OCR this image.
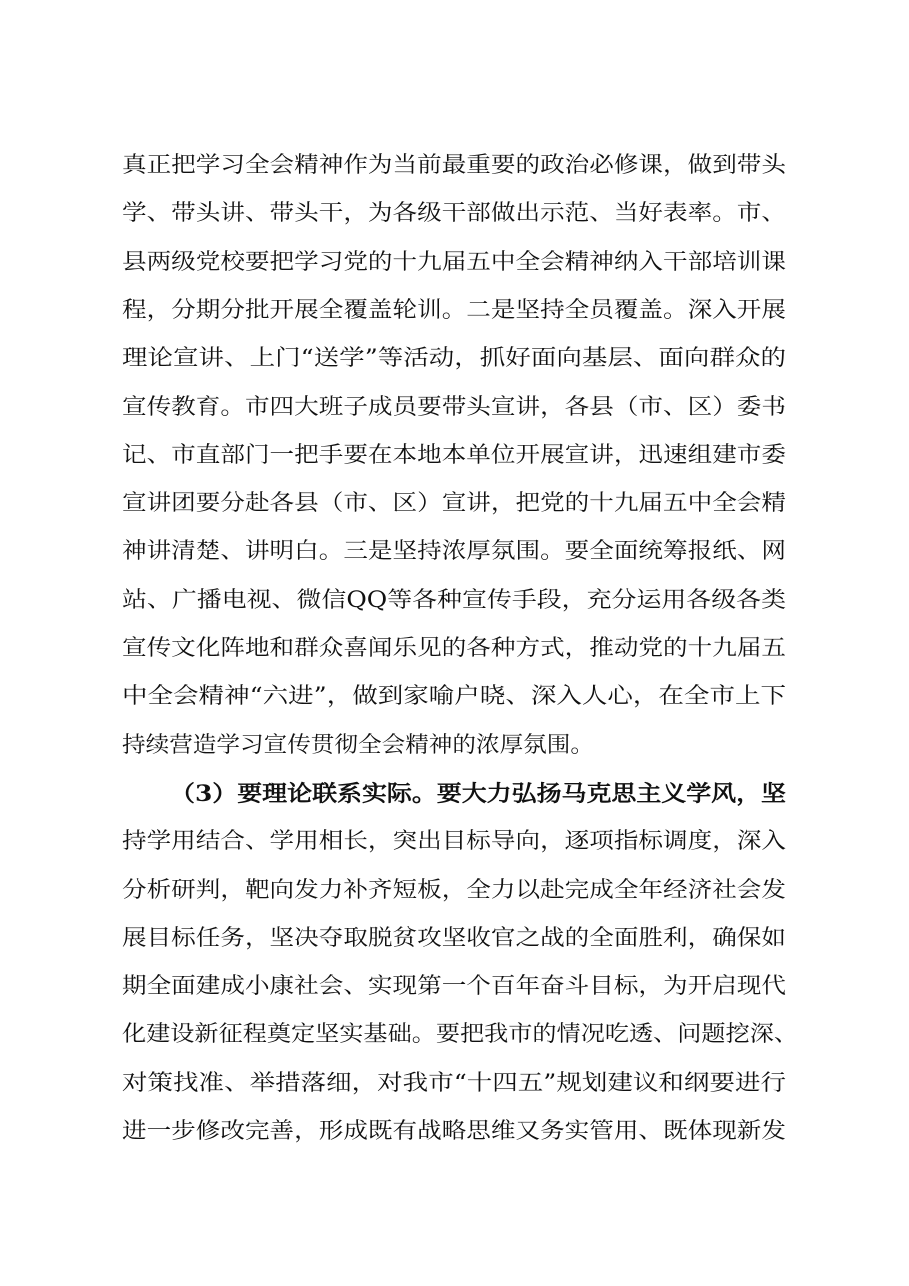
真正把学习全会精神作为当前最重要的政治必修课，做到带头
学、带头讲、带头干，为各级干部做出示范、当好表率。市、
县两级党校要把学习党的十九届五中全会精神纳入干部培训课
程，分期分批开展全覆盖轮训。二是坚持全员覆盖。深入开展
理论宣讲、上门“送学”等活动，抓好面向基层、面向群众的
宣传教育。市四大班子成员要带头宣讲，各县（市、区）委书
记、市直部门一把手要在本地本单位开展宣讲，迅速组建市委
宣讲团要分赴各县（市、区）宣讲，把党的十九届五中全会精
神讲清楚、讲明白。三是坚持浓厚氛围。要全面统筹报纸、网
站、广播电视、微信QQ等各种宣传手段，充分运用各级各类
宣传文化阵地和群众喜闻乐见的各种方式，推动党的十九届五
中全会精神“六进”，做到家喻户晓、深入人心，在全市上下
持续营造学习宣传贯彻全会精神的浓厚氛围。
（3）要理论联系实际。要大力弘扬马克思主义学风，坚
持学用结合、学用相长，突出目标导向，逐项指标调度，深入
分析研判，靶向发力补齐短板，全力以赴完成全年经济社会发
展目标任务，坚决夺取脱贫攻坚收官之战的全面胜利，确保如
期全面建成小康社会、实现第一个百年奋斗目标，为开启现代
化建设新征程奠定坚实基础。要把我市的情况吃透、问题挖深、
对策找准、举措落细，对我市“十四五”规划建议和纲要进行
进一步修改完善，形成既有战略思维又务实管用、既体现新发
